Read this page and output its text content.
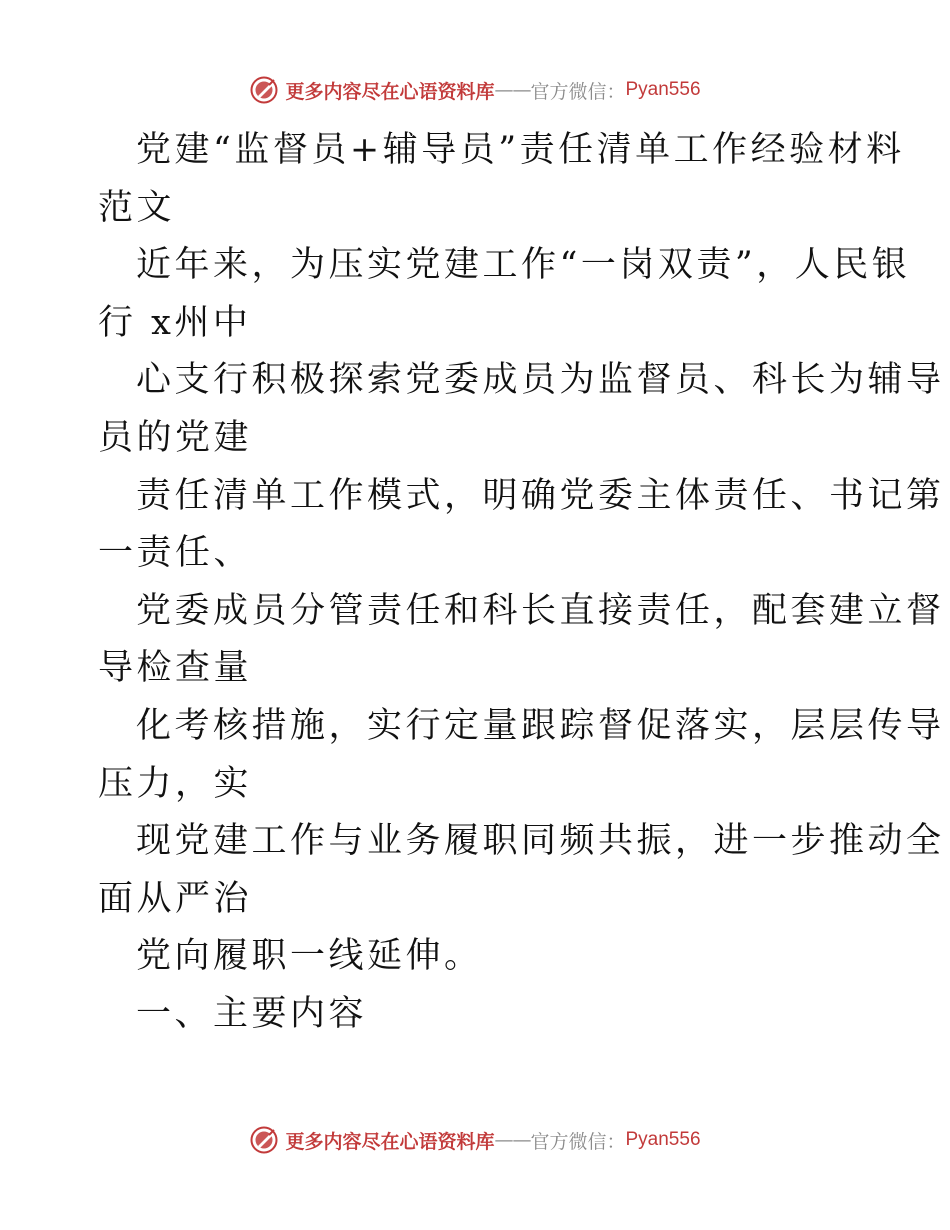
更多内容尽在心语资料库 —— 官方微信： Pyan556
党建“监督员+辅导员”责任清单工作经验材料
范文
近年来，为压实党建工作“一岗双责”，人民银
行 x州中
心支行积极探索党委成员为监督员、科长为辅导
员的党建
责任清单工作模式，明确党委主体责任、书记第
一责任、
党委成员分管责任和科长直接责任，配套建立督
导检查量
化考核措施，实行定量跟踪督促落实，层层传导
压力，实
现党建工作与业务履职同频共振，进一步推动全
面从严治
党向履职一线延伸。
一、主要内容
更多内容尽在心语资料库 —— 官方微信： Pyan556
